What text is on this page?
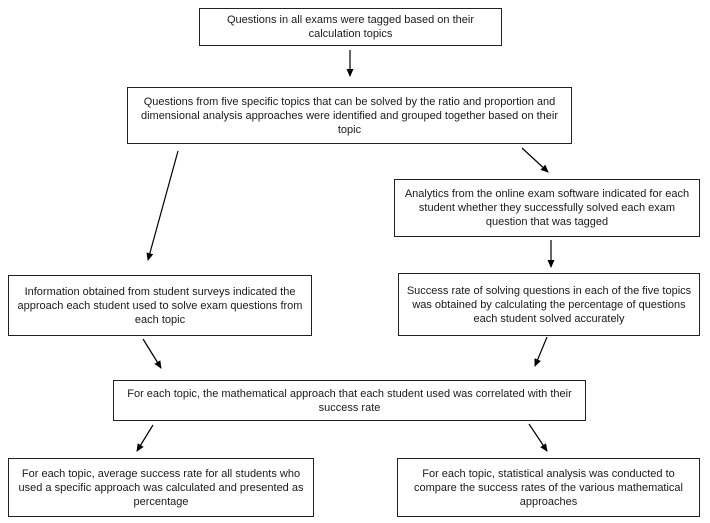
Questions in all exams were tagged based on their calculation topics
Questions from five specific topics that can be solved by the ratio and proportion and dimensional analysis approaches were identified and grouped together based on their topic
Analytics from the online exam software indicated for each student whether they successfully solved each exam question that was tagged
Information obtained from student surveys indicated the approach each student used to solve exam questions from each topic
Success rate of solving questions in each of the five topics was obtained by calculating the percentage of questions each student solved accurately
For each topic, the mathematical approach that each student used was correlated with their success rate
For each topic, average success rate for all students who used a specific approach was calculated and presented as percentage
For each topic, statistical analysis was conducted to compare the success rates of the various mathematical approaches
